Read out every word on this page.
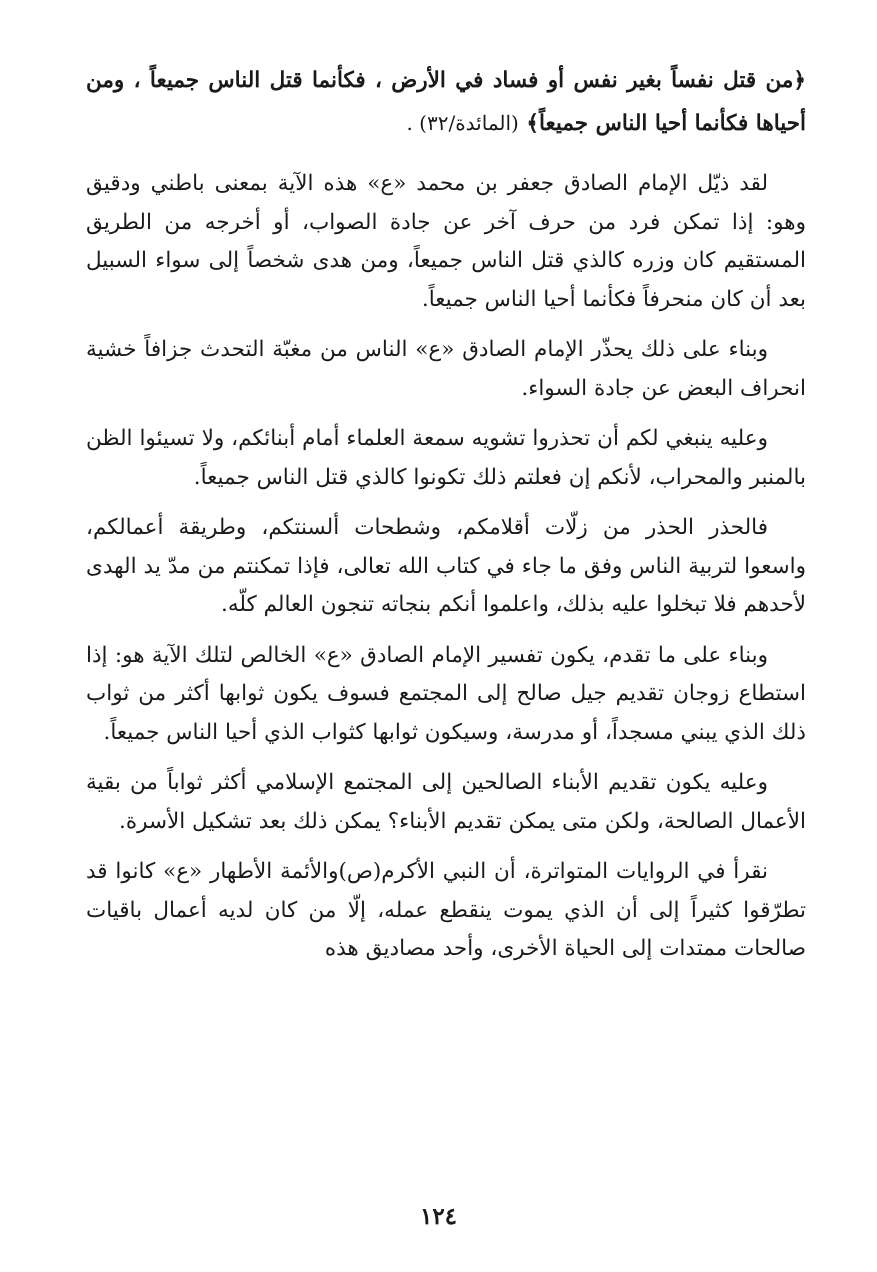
﴿من قتل نفساً بغير نفس أو فساد في الأرض ، فكأنما قتل الناس جميعاً ، ومن أحياها فكأنما أحيا الناس جميعاً﴾ (المائدة/٣٢) .

لقد ذيّل الإمام الصادق جعفر بن محمد «ع» هذه الآية بمعنى باطني ودقيق وهو: إذا تمكن فرد من حرف آخر عن جادة الصواب، أو أخرجه من الطريق المستقيم كان وزره كالذي قتل الناس جميعاً، ومن هدى شخصاً إلى سواء السبيل بعد أن كان منحرفاً فكأنما أحيا الناس جميعاً.

وبناء على ذلك يحذّر الإمام الصادق «ع» الناس من مغبّة التحدث جزافاً خشية انحراف البعض عن جادة السواء.

وعليه ينبغي لكم أن تحذروا تشويه سمعة العلماء أمام أبنائكم، ولا تسيئوا الظن بالمنبر والمحراب، لأنكم إن فعلتم ذلك تكونوا كالذي قتل الناس جميعاً.

فالحذر الحذر من زلّات أقلامكم، وشطحات ألسنتكم، وطريقة أعمالكم، واسعوا لتربية الناس وفق ما جاء في كتاب الله تعالى، فإذا تمكنتم من مدّ يد الهدى لأحدهم فلا تبخلوا عليه بذلك، واعلموا أنكم بنجاته تنجون العالم كلّه.

وبناء على ما تقدم، يكون تفسير الإمام الصادق «ع» الخالص لتلك الآية هو: إذا استطاع زوجان تقديم جيل صالح إلى المجتمع فسوف يكون ثوابها أكثر من ثواب ذلك الذي يبني مسجداً، أو مدرسة، وسيكون ثوابها كثواب الذي أحيا الناس جميعاً.

وعليه يكون تقديم الأبناء الصالحين إلى المجتمع الإسلامي أكثر ثواباً من بقية الأعمال الصالحة، ولكن متى يمكن تقديم الأبناء؟ يمكن ذلك بعد تشكيل الأسرة.

نقرأ في الروايات المتواترة، أن النبي الأكرم(ص)والأئمة الأطهار «ع» كانوا قد تطرّقوا كثيراً إلى أن الذي يموت ينقطع عمله، إلّا من كان لديه أعمال باقيات صالحات ممتدات إلى الحياة الأخرى، وأحد مصاديق هذه

١٢٤
